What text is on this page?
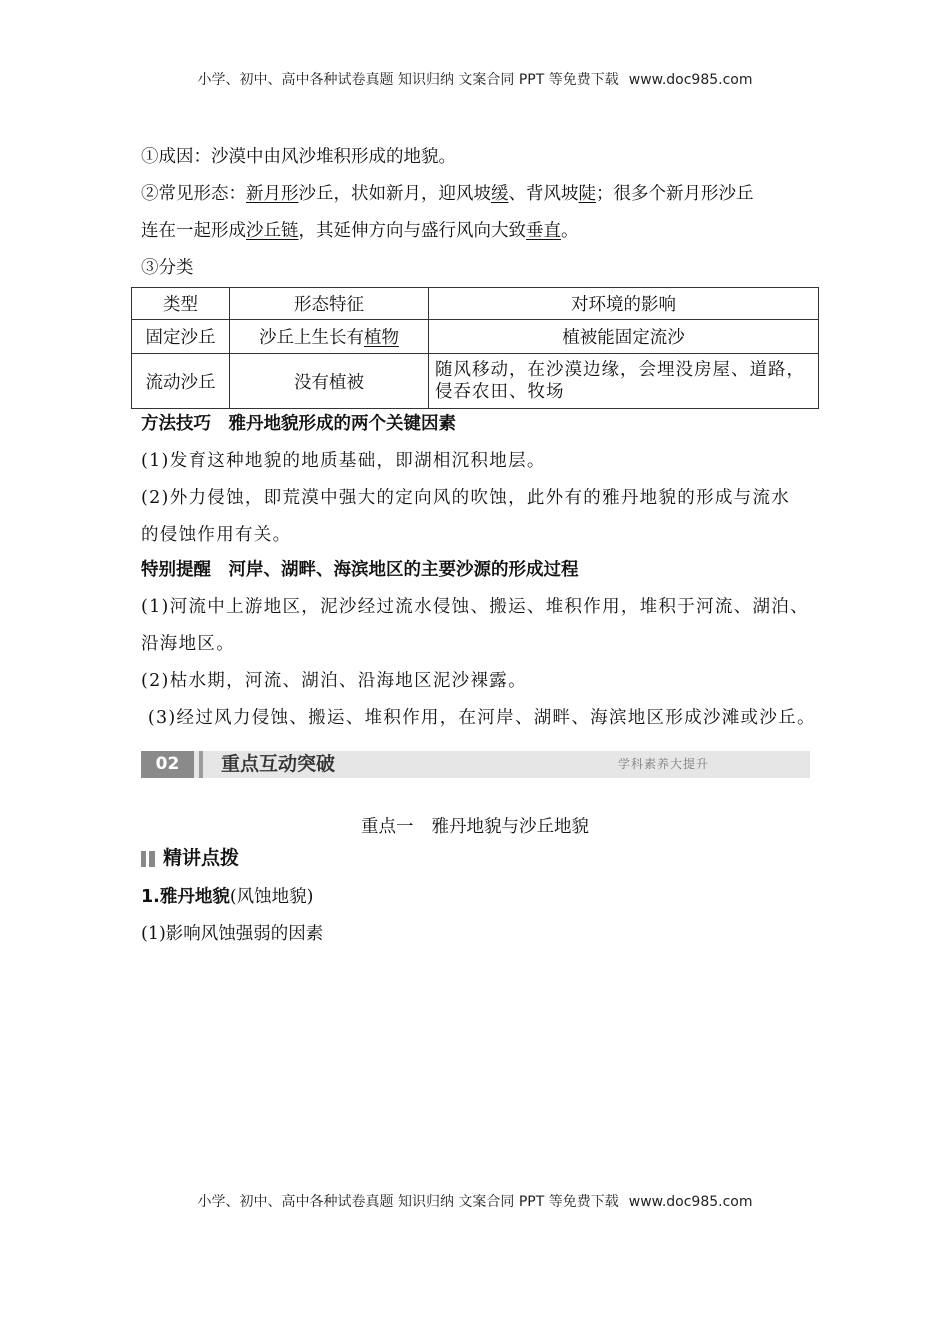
小学、初中、高中各种试卷真题 知识归纳 文案合同 PPT 等免费下载 www.doc985.com
①成因：沙漠中由风沙堆积形成的地貌。
②常见形态：新月形沙丘，状如新月，迎风坡缓、背风坡陡；很多个新月形沙丘
连在一起形成沙丘链，其延伸方向与盛行风向大致垂直。
③分类
类型	形态特征	对环境的影响
固定沙丘	沙丘上生长有植物	植被能固定流沙
流动沙丘	没有植被	随风移动，在沙漠边缘，会埋没房屋、道路，侵吞农田、牧场
方法技巧　雅丹地貌形成的两个关键因素
(1)发育这种地貌的地质基础，即湖相沉积地层。
(2)外力侵蚀，即荒漠中强大的定向风的吹蚀，此外有的雅丹地貌的形成与流水
的侵蚀作用有关。
特别提醒　河岸、湖畔、海滨地区的主要沙源的形成过程
(1)河流中上游地区，泥沙经过流水侵蚀、搬运、堆积作用，堆积于河流、湖泊、
沿海地区。
(2)枯水期，河流、湖泊、沿海地区泥沙裸露。
(3)经过风力侵蚀、搬运、堆积作用，在河岸、湖畔、海滨地区形成沙滩或沙丘。
02	重点互动突破	学科素养大提升
重点一 雅丹地貌与沙丘地貌
精讲点拨
1.雅丹地貌(风蚀地貌)
(1)影响风蚀强弱的因素
小学、初中、高中各种试卷真题 知识归纳 文案合同 PPT 等免费下载 www.doc985.com
